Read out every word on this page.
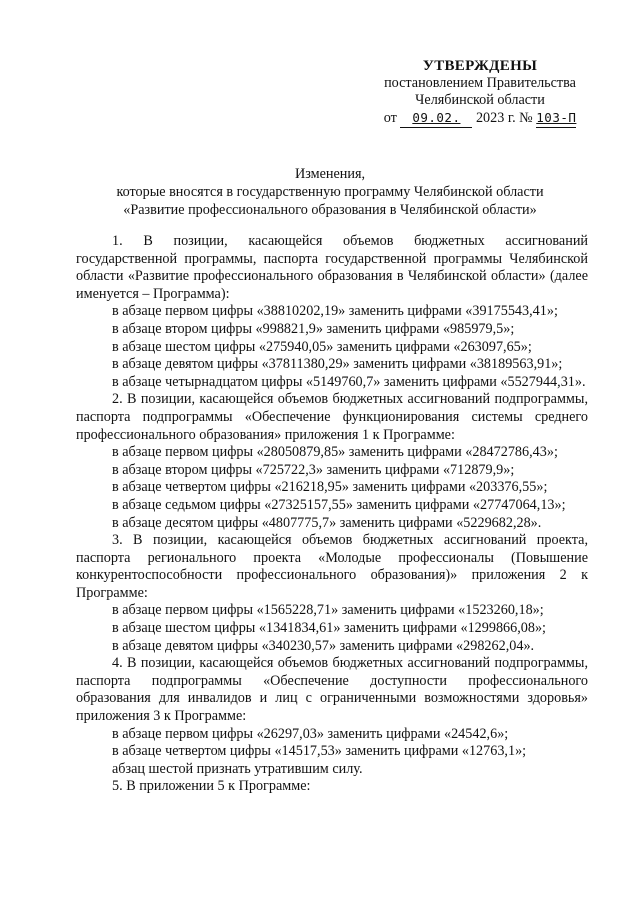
УТВЕРЖДЕНЫ
постановлением Правительства
Челябинской области
от 09.02. 2023 г. № 103-П
Изменения,
которые вносятся в государственную программу Челябинской области
«Развитие профессионального образования в Челябинской области»

1. В позиции, касающейся объемов бюджетных ассигнований государственной программы, паспорта государственной программы Челябинской области «Развитие профессионального образования в Челябинской области» (далее именуется – Программа):

в абзаце первом цифры «38810202,19» заменить цифрами «39175543,41»;

в абзаце втором цифры «998821,9» заменить цифрами «985979,5»;

в абзаце шестом цифры «275940,05» заменить цифрами «263097,65»;

в абзаце девятом цифры «37811380,29» заменить цифрами «38189563,91»;

в абзаце четырнадцатом цифры «5149760,7» заменить цифрами «5527944,31».

2. В позиции, касающейся объемов бюджетных ассигнований подпрограммы, паспорта подпрограммы «Обеспечение функционирования системы среднего профессионального образования» приложения 1 к Программе:

в абзаце первом цифры «28050879,85» заменить цифрами «28472786,43»;

в абзаце втором цифры «725722,3» заменить цифрами «712879,9»;

в абзаце четвертом цифры «216218,95» заменить цифрами «203376,55»;

в абзаце седьмом цифры «27325157,55» заменить цифрами «27747064,13»;

в абзаце десятом цифры «4807775,7» заменить цифрами «5229682,28».

3. В позиции, касающейся объемов бюджетных ассигнований проекта, паспорта регионального проекта «Молодые профессионалы (Повышение конкурентоспособности профессионального образования)» приложения 2 к Программе:

в абзаце первом цифры «1565228,71» заменить цифрами «1523260,18»;

в абзаце шестом цифры «1341834,61» заменить цифрами «1299866,08»;

в абзаце девятом цифры «340230,57» заменить цифрами «298262,04».

4. В позиции, касающейся объемов бюджетных ассигнований подпрограммы, паспорта подпрограммы «Обеспечение доступности профессионального образования для инвалидов и лиц с ограниченными возможностями здоровья» приложения 3 к Программе:

в абзаце первом цифры «26297,03» заменить цифрами «24542,6»;

в абзаце четвертом цифры «14517,53» заменить цифрами «12763,1»;

абзац шестой признать утратившим силу.

5. В приложении 5 к Программе:
